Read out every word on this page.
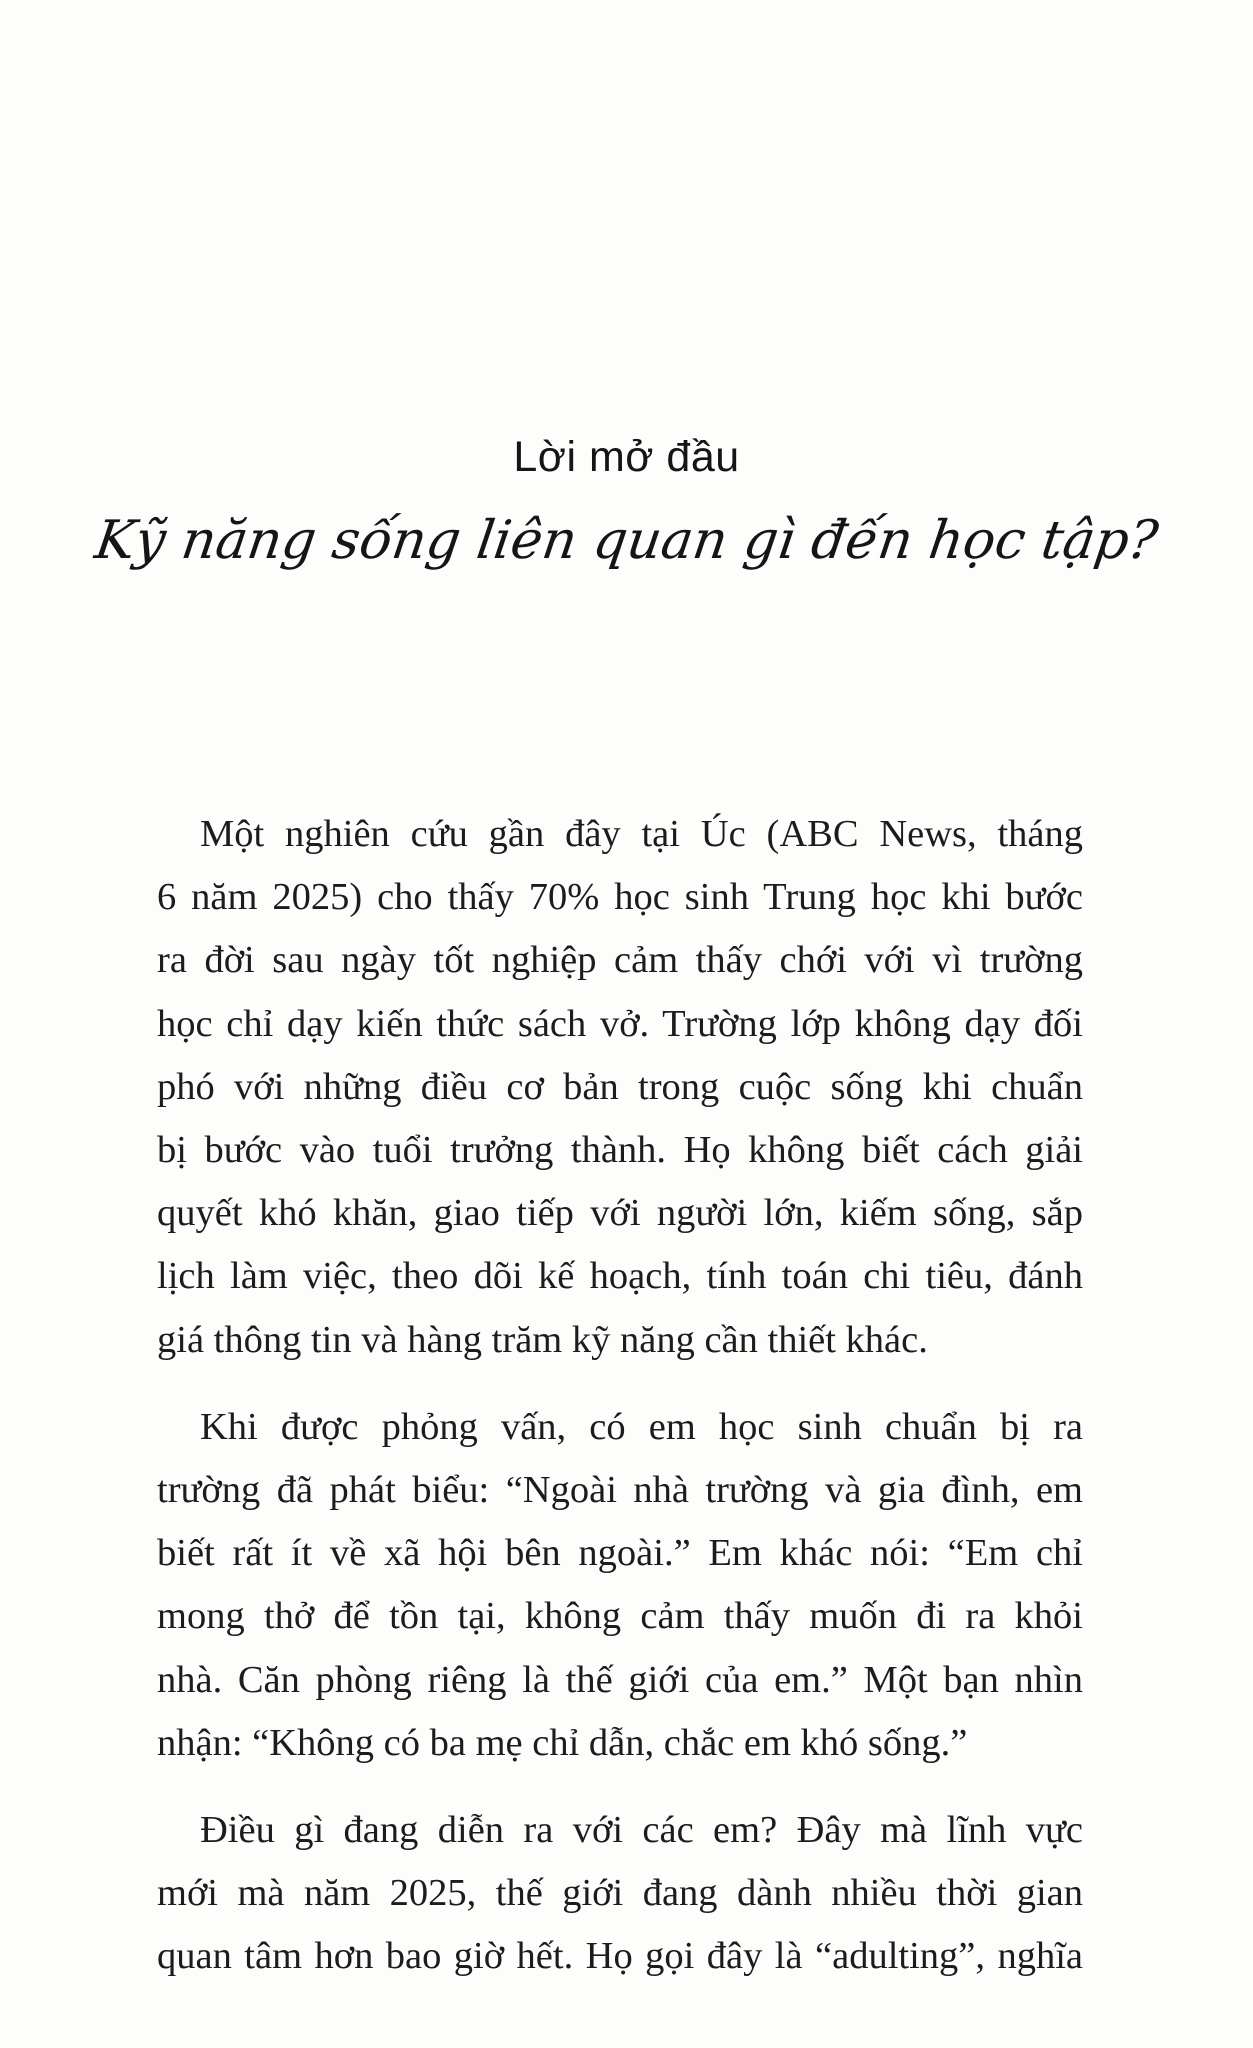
Lời mở đầu
Kỹ năng sống liên quan gì đến học tập?
Một nghiên cứu gần đây tại Úc (ABC News, tháng
6 năm 2025) cho thấy 70% học sinh Trung học khi bước
ra đời sau ngày tốt nghiệp cảm thấy chới với vì trường
học chỉ dạy kiến thức sách vở. Trường lớp không dạy đối
phó với những điều cơ bản trong cuộc sống khi chuẩn
bị bước vào tuổi trưởng thành. Họ không biết cách giải
quyết khó khăn, giao tiếp với người lớn, kiếm sống, sắp
lịch làm việc, theo dõi kế hoạch, tính toán chi tiêu, đánh
giá thông tin và hàng trăm kỹ năng cần thiết khác.
Khi được phỏng vấn, có em học sinh chuẩn bị ra
trường đã phát biểu: “Ngoài nhà trường và gia đình, em
biết rất ít về xã hội bên ngoài.” Em khác nói: “Em chỉ
mong thở để tồn tại, không cảm thấy muốn đi ra khỏi
nhà. Căn phòng riêng là thế giới của em.” Một bạn nhìn
nhận: “Không có ba mẹ chỉ dẫn, chắc em khó sống.”
Điều gì đang diễn ra với các em? Đây mà lĩnh vực
mới mà năm 2025, thế giới đang dành nhiều thời gian
quan tâm hơn bao giờ hết. Họ gọi đây là “adulting”, nghĩa
